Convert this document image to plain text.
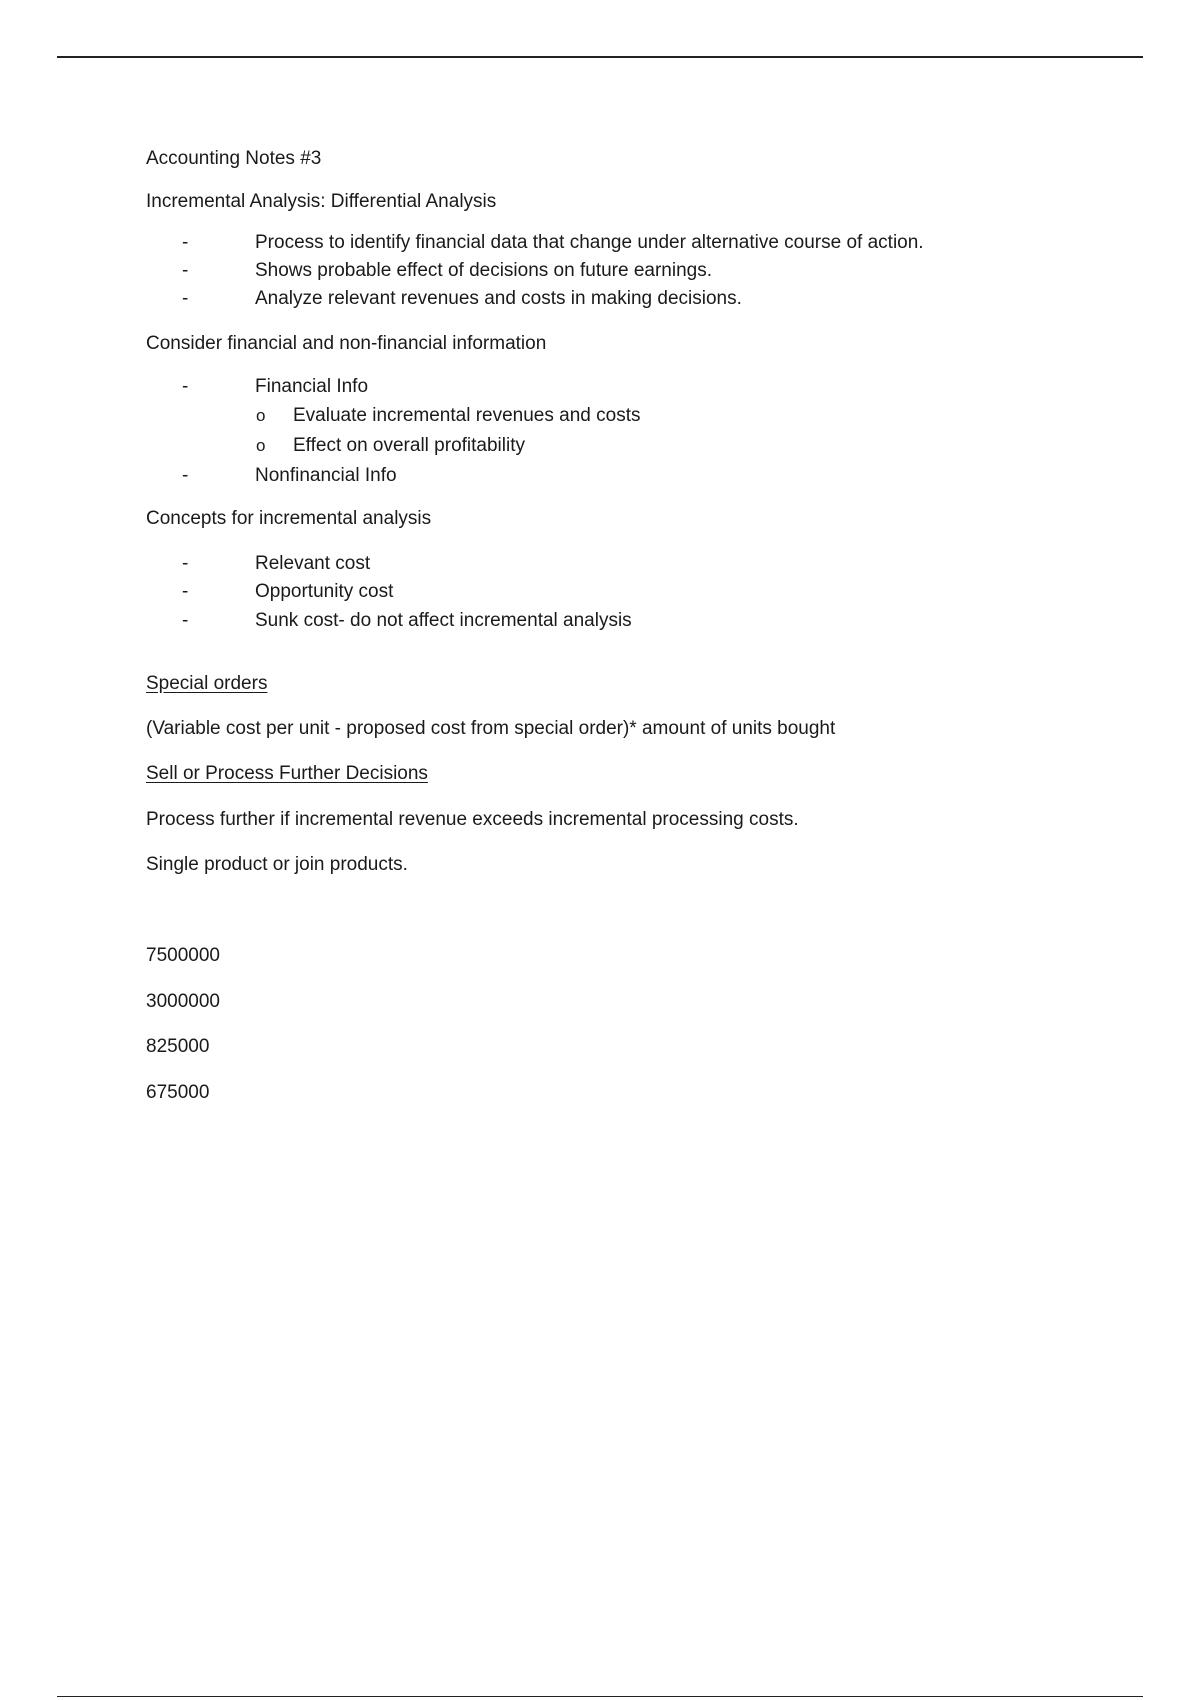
Accounting Notes #3
Incremental Analysis: Differential Analysis
-	Process to identify financial data that change under alternative course of action.
-	Shows probable effect of decisions on future earnings.
-	Analyze relevant revenues and costs in making decisions.
Consider financial and non-financial information
-	Financial Info
o Evaluate incremental revenues and costs
o Effect on overall profitability
-	Nonfinancial Info
Concepts for incremental analysis
-	Relevant cost
-	Opportunity cost
-	Sunk cost- do not affect incremental analysis
Special orders
(Variable cost per unit - proposed cost from special order)* amount of units bought
Sell or Process Further Decisions
Process further if incremental revenue exceeds incremental processing costs.
Single product or join products.
7500000
3000000
825000
675000
